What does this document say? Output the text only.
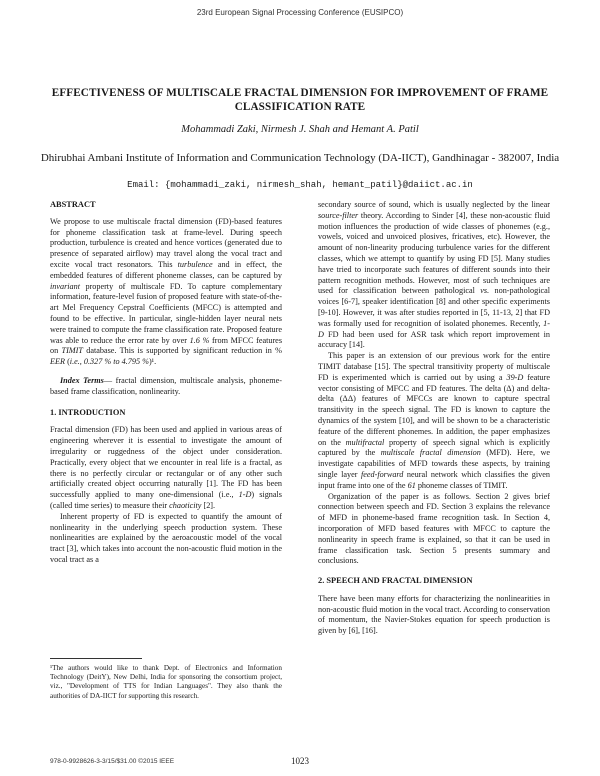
23rd European Signal Processing Conference (EUSIPCO)
EFFECTIVENESS OF MULTISCALE FRACTAL DIMENSION FOR IMPROVEMENT OF FRAME CLASSIFICATION RATE
Mohammadi Zaki, Nirmesh J. Shah and Hemant A. Patil
Dhirubhai Ambani Institute of Information and Communication Technology (DA-IICT), Gandhinagar - 382007, India
Email: {mohammadi_zaki, nirmesh_shah, hemant_patil}@daiict.ac.in

ABSTRACT

We propose to use multiscale fractal dimension (FD)-based features for phoneme classification task at frame-level. During speech production, turbulence is created and hence vortices (generated due to presence of separated airflow) may travel along the vocal tract and excite vocal tract resonators. This turbulence and in effect, the embedded features of different phoneme classes, can be captured by invariant property of multiscale FD. To capture complementary information, feature-level fusion of proposed feature with state-of-the-art Mel Frequency Cepstral Coefficients (MFCC) is attempted and found to be effective. In particular, single-hidden layer neural nets were trained to compute the frame classification rate. Proposed feature was able to reduce the error rate by over 1.6 % from MFCC features on TIMIT database. This is supported by significant reduction in % EER (i.e., 0.327 % to 4.795 %)¹.

Index Terms— fractal dimension, multiscale analysis, phoneme-based frame classification, nonlinearity.

1. INTRODUCTION

Fractal dimension (FD) has been used and applied in various areas of engineering wherever it is essential to investigate the amount of irregularity or ruggedness of the object under consideration. Practically, every object that we encounter in real life is a fractal, as there is no perfectly circular or rectangular or of any other such artificially created object occurring naturally [1]. The FD has been successfully applied to many one-dimensional (i.e., 1-D) signals (called time series) to measure their chaoticity [2].

Inherent property of FD is expected to quantify the amount of nonlinearity in the underlying speech production system. These nonlinearities are explained by the aeroacoustic model of the vocal tract [3], which takes into account the non-acoustic fluid motion in the vocal tract as a

secondary source of sound, which is usually neglected by the linear source-filter theory. According to Sinder [4], these non-acoustic fluid motion influences the production of wide classes of phonemes (e.g., vowels, voiced and unvoiced plosives, fricatives, etc). However, the amount of non-linearity producing turbulence varies for the different classes, which we attempt to quantify by using FD [5]. Many studies have tried to incorporate such features of different sounds into their pattern recognition methods. However, most of such techniques are used for classification between pathological vs. non-pathological voices [6-7], speaker identification [8] and other specific experiments [9-10]. However, it was after studies reported in [5, 11-13, 2] that FD was formally used for recognition of isolated phonemes. Recently, 1-D FD had been used for ASR task which report improvement in accuracy [14].

This paper is an extension of our previous work for the entire TIMIT database [15]. The spectral transitivity property of multiscale FD is experimented which is carried out by using a 39-D feature vector consisting of MFCC and FD features. The delta (Δ) and delta-delta (ΔΔ) features of MFCCs are known to capture spectral transitivity in the speech signal. The FD is known to capture the dynamics of the system [10], and will be shown to be a characteristic feature of the different phonemes. In addition, the paper emphasizes on the multifractal property of speech signal which is explicitly captured by the multiscale fractal dimension (MFD). Here, we investigate capabilities of MFD towards these aspects, by training single layer feed-forward neural network which classifies the given input frame into one of the 61 phoneme classes of TIMIT.

Organization of the paper is as follows. Section 2 gives brief connection between speech and FD. Section 3 explains the relevance of MFD in phoneme-based frame recognition task. In Section 4, incorporation of MFD based features with MFCC to capture the nonlinearity in speech frame is explained, so that it can be used in frame classification task. Section 5 presents summary and conclusions.

2. SPEECH AND FRACTAL DIMENSION

There have been many efforts for characterizing the nonlinearities in non-acoustic fluid motion in the vocal tract. According to conservation of momentum, the Navier-Stokes equation for speech production is given by [6], [16].

¹The authors would like to thank Dept. of Electronics and Information Technology (DeitY), New Delhi, India for sponsoring the consortium project, viz., "Development of TTS for Indian Languages". They also thank the authorities of DA-IICT for supporting this research.

978-0-9928626-3-3/15/$31.00 ©2015 IEEE	1023
